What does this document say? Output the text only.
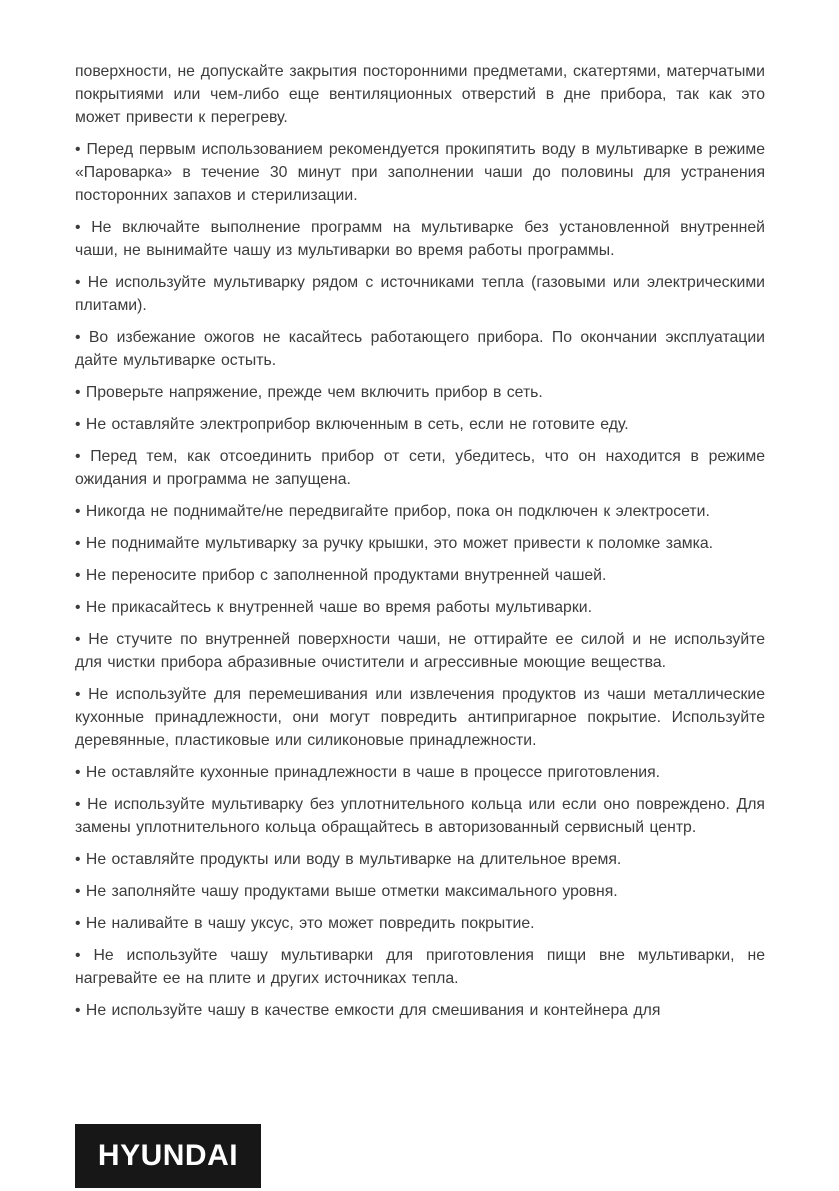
поверхности, не допускайте закрытия посторонними предметами, скатертями, матерчатыми покрытиями или чем-либо еще вентиляционных отверстий в дне прибора, так как это может привести к перегреву.

• Перед первым использованием рекомендуется прокипятить воду в мультиварке в режиме «Пароварка» в течение 30 минут при заполнении чаши до половины для устранения посторонних запахов и стерилизации.

• Не включайте выполнение программ на мультиварке без установленной внутренней чаши, не вынимайте чашу из мультиварки во время работы программы.

• Не используйте мультиварку рядом с источниками тепла (газовыми или электрическими плитами).

• Во избежание ожогов не касайтесь работающего прибора. По окончании эксплуатации дайте мультиварке остыть.

• Проверьте напряжение, прежде чем включить прибор в сеть.

• Не оставляйте электроприбор включенным в сеть, если не готовите еду.

• Перед тем, как отсоединить прибор от сети, убедитесь, что он находится в режиме ожидания и программа не запущена.

• Никогда не поднимайте/не передвигайте прибор, пока он подключен к электросети.

• Не поднимайте мультиварку за ручку крышки, это может привести к поломке замка.

• Не переносите прибор с заполненной продуктами внутренней чашей.

• Не прикасайтесь к внутренней чаше во время работы мультиварки.

• Не стучите по внутренней поверхности чаши, не оттирайте ее силой и не используйте для чистки прибора абразивные очистители и агрессивные моющие вещества.

• Не используйте для перемешивания или извлечения продуктов из чаши металлические кухонные принадлежности, они могут повредить антипригарное покрытие. Используйте деревянные, пластиковые или силиконовые принадлежности.

• Не оставляйте кухонные принадлежности в чаше в процессе приготовления.

• Не используйте мультиварку без уплотнительного кольца или если оно повреждено. Для замены уплотнительного кольца обращайтесь в авторизованный сервисный центр.

• Не оставляйте продукты или воду в мультиварке на длительное время.

• Не заполняйте чашу продуктами выше отметки максимального уровня.

• Не наливайте в чашу уксус, это может повредить покрытие.

• Не используйте чашу мультиварки для приготовления пищи вне мультиварки, не нагревайте ее на плите и других источниках тепла.

• Не используйте чашу в качестве емкости для смешивания и контейнера для

HYUNDAI
